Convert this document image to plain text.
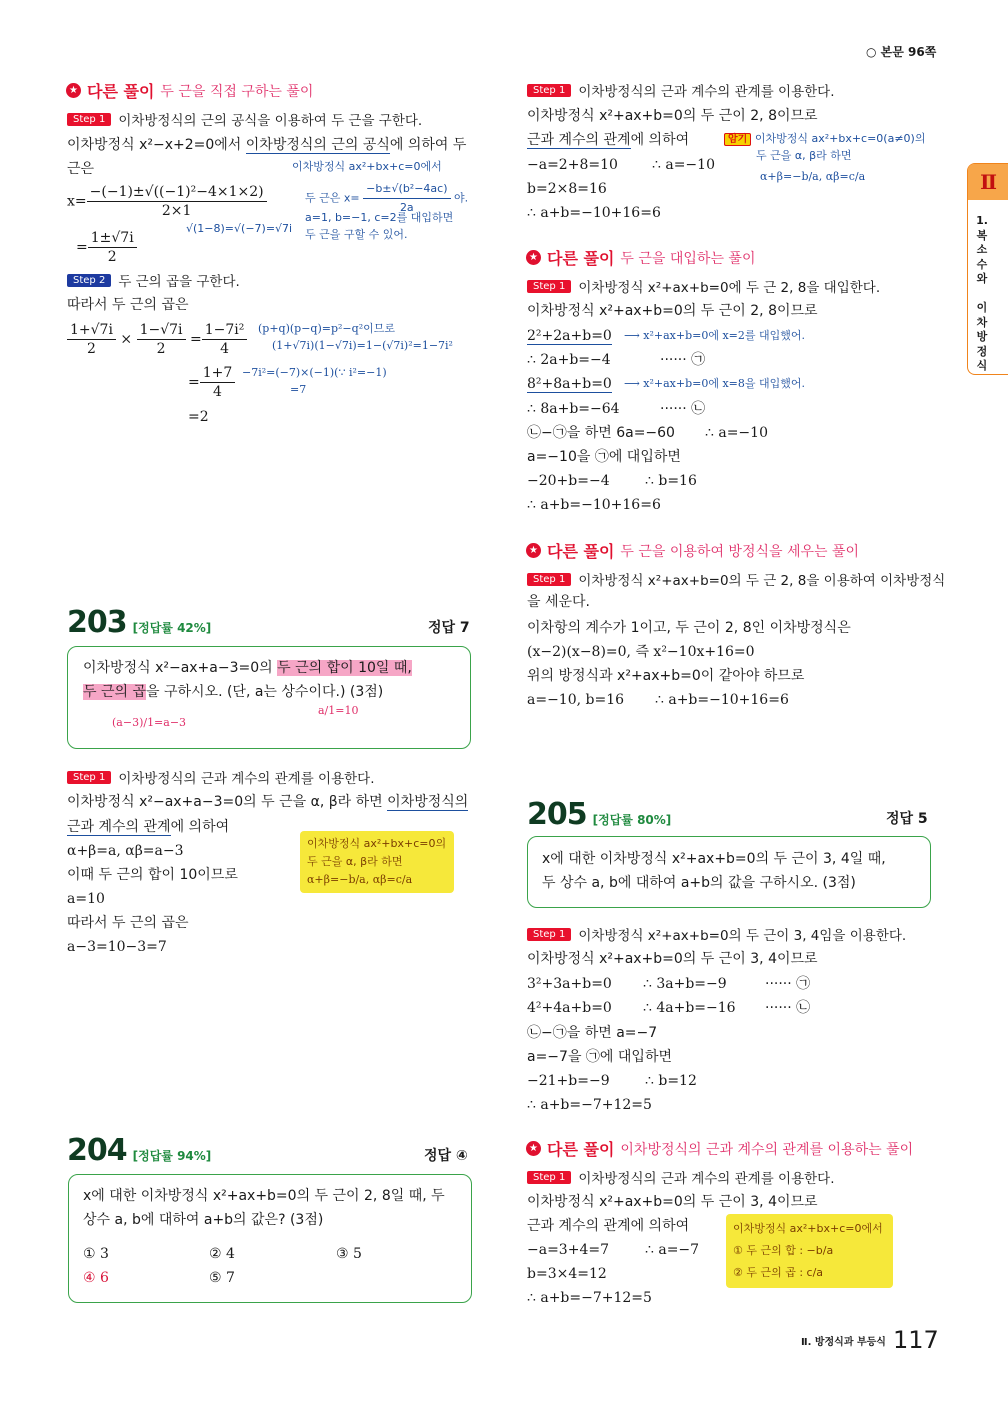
○ 본문 96쪽
Ⅱ
1.
복
소
수
와

이
차
방
정
식
★ 다른 풀이 두 근을 직접 구하는 풀이
Step 1 이차방정식의 근의 공식을 이용하여 두 근을 구한다.
이차방정식 x²−x+2=0에서 이차방정식의 근의 공식에 의하여 두
근은	이차방정식 ax²+bx+c=0에서
$x= \frac{\text{−(−1)±√((−1)²−4×1×2)}}{2\times 1}$	두 근은 $x= \frac{\text{−b±√(b²−4ac)}}{2a}$ 야.
a=1, b=−1, c=2를 대입하면
√(1−8)=√(−7)=√7i 두 근을 구할 수 있어.
= $\frac{1\pm√7i}{2}$
Step 2 두 근의 곱을 구한다.
따라서 두 근의 곱은
$\frac{1+√7i}{2} \times \frac{1-√7i}{2} = \frac{\text{1−7i²}}{4} (p+q)(p-q)=p^2-q^2$이므로
(1+√7i)(1−√7i)=1−(√7i)²=1−7i²
= $\frac{1+7}{4}$ −7i²=(−7)×(−1)(∵ i²=−1)
=7
=2
203 [정답률 42%]	정답 7
이차방정식 x²−ax+a−3=0의 두 근의 합이 10일 때,
두 근의 곱을 구하시오. (단, a는 상수이다.) (3점)
a/1=10
(a−3)/1=a−3
Step 1 이차방정식의 근과 계수의 관계를 이용한다.
이차방정식 x²−ax+a−3=0의 두 근을 α, β라 하면 이차방정식의
근과 계수의 관계에 의하여
α+β=a, αβ=a−3
이때 두 근의 합이 10이므로
a=10
따라서 두 근의 곱은
a−3=10−3=7
이차방정식 ax²+bx+c=0의
두 근을 α, β라 하면
α+β=−b/a, αβ=c/a
204 [정답률 94%]	정답 ④
x에 대한 이차방정식 x²+ax+b=0의 두 근이 2, 8일 때, 두
상수 a, b에 대하여 a+b의 값은? (3점)
① 3	② 4	③ 5
④ 6	⑤ 7
Step 1 이차방정식의 근과 계수의 관계를 이용한다.
이차방정식 x²+ax+b=0의 두 근이 2, 8이므로
근과 계수의 관계에 의하여
−a=2+8=10 ∴ a=−10
b=2×8=16
∴ a+b=−10+16=6
암기 이차방정식 ax²+bx+c=0(a≠0)의
두 근을 α, β라 하면
α+β=−b/a, αβ=c/a
★ 다른 풀이 두 근을 대입하는 풀이
Step 1 이차방정식 x²+ax+b=0에 두 근 2, 8을 대입한다.
이차방정식 x²+ax+b=0의 두 근이 2, 8이므로
2²+2a+b=0 ⟶ x²+ax+b=0에 x=2를 대입했어.
∴ 2a+b=−4	······ ㉠
8²+8a+b=0 ⟶ x²+ax+b=0에 x=8을 대입했어.
∴ 8a+b=−64	······ ㉡
㉡−㉠을 하면 6a=−60 ∴ a=−10
a=−10을 ㉠에 대입하면
−20+b=−4	∴ b=16
∴ a+b=−10+16=6
★ 다른 풀이 두 근을 이용하여 방정식을 세우는 풀이
Step 1 이차방정식 x²+ax+b=0의 두 근 2, 8을 이용하여 이차방정식
을 세운다.
이차항의 계수가 1이고, 두 근이 2, 8인 이차방정식은
(x−2)(x−8)=0, 즉 x²−10x+16=0
위의 방정식과 x²+ax+b=0이 같아야 하므로
a=−10, b=16 ∴ a+b=−10+16=6
205 [정답률 80%]	정답 5
x에 대한 이차방정식 x²+ax+b=0의 두 근이 3, 4일 때,
두 상수 a, b에 대하여 a+b의 값을 구하시오. (3점)
Step 1 이차방정식 x²+ax+b=0의 두 근이 3, 4임을 이용한다.
이차방정식 x²+ax+b=0의 두 근이 3, 4이므로
3²+3a+b=0 ∴ 3a+b=−9	······ ㉠
4²+4a+b=0 ∴ 4a+b=−16 ······ ㉡
㉡−㉠을 하면 a=−7
a=−7을 ㉠에 대입하면
−21+b=−9	∴ b=12
∴ a+b=−7+12=5
★ 다른 풀이 이차방정식의 근과 계수의 관계를 이용하는 풀이
Step 1 이차방정식의 근과 계수의 관계를 이용한다.
이차방정식 x²+ax+b=0의 두 근이 3, 4이므로
근과 계수의 관계에 의하여
−a=3+4=7	∴ a=−7
b=3×4=12
∴ a+b=−7+12=5
이차방정식 ax²+bx+c=0에서
① 두 근의 합 : −b/a
② 두 근의 곱 : c/a
Ⅱ. 방정식과 부등식 117
